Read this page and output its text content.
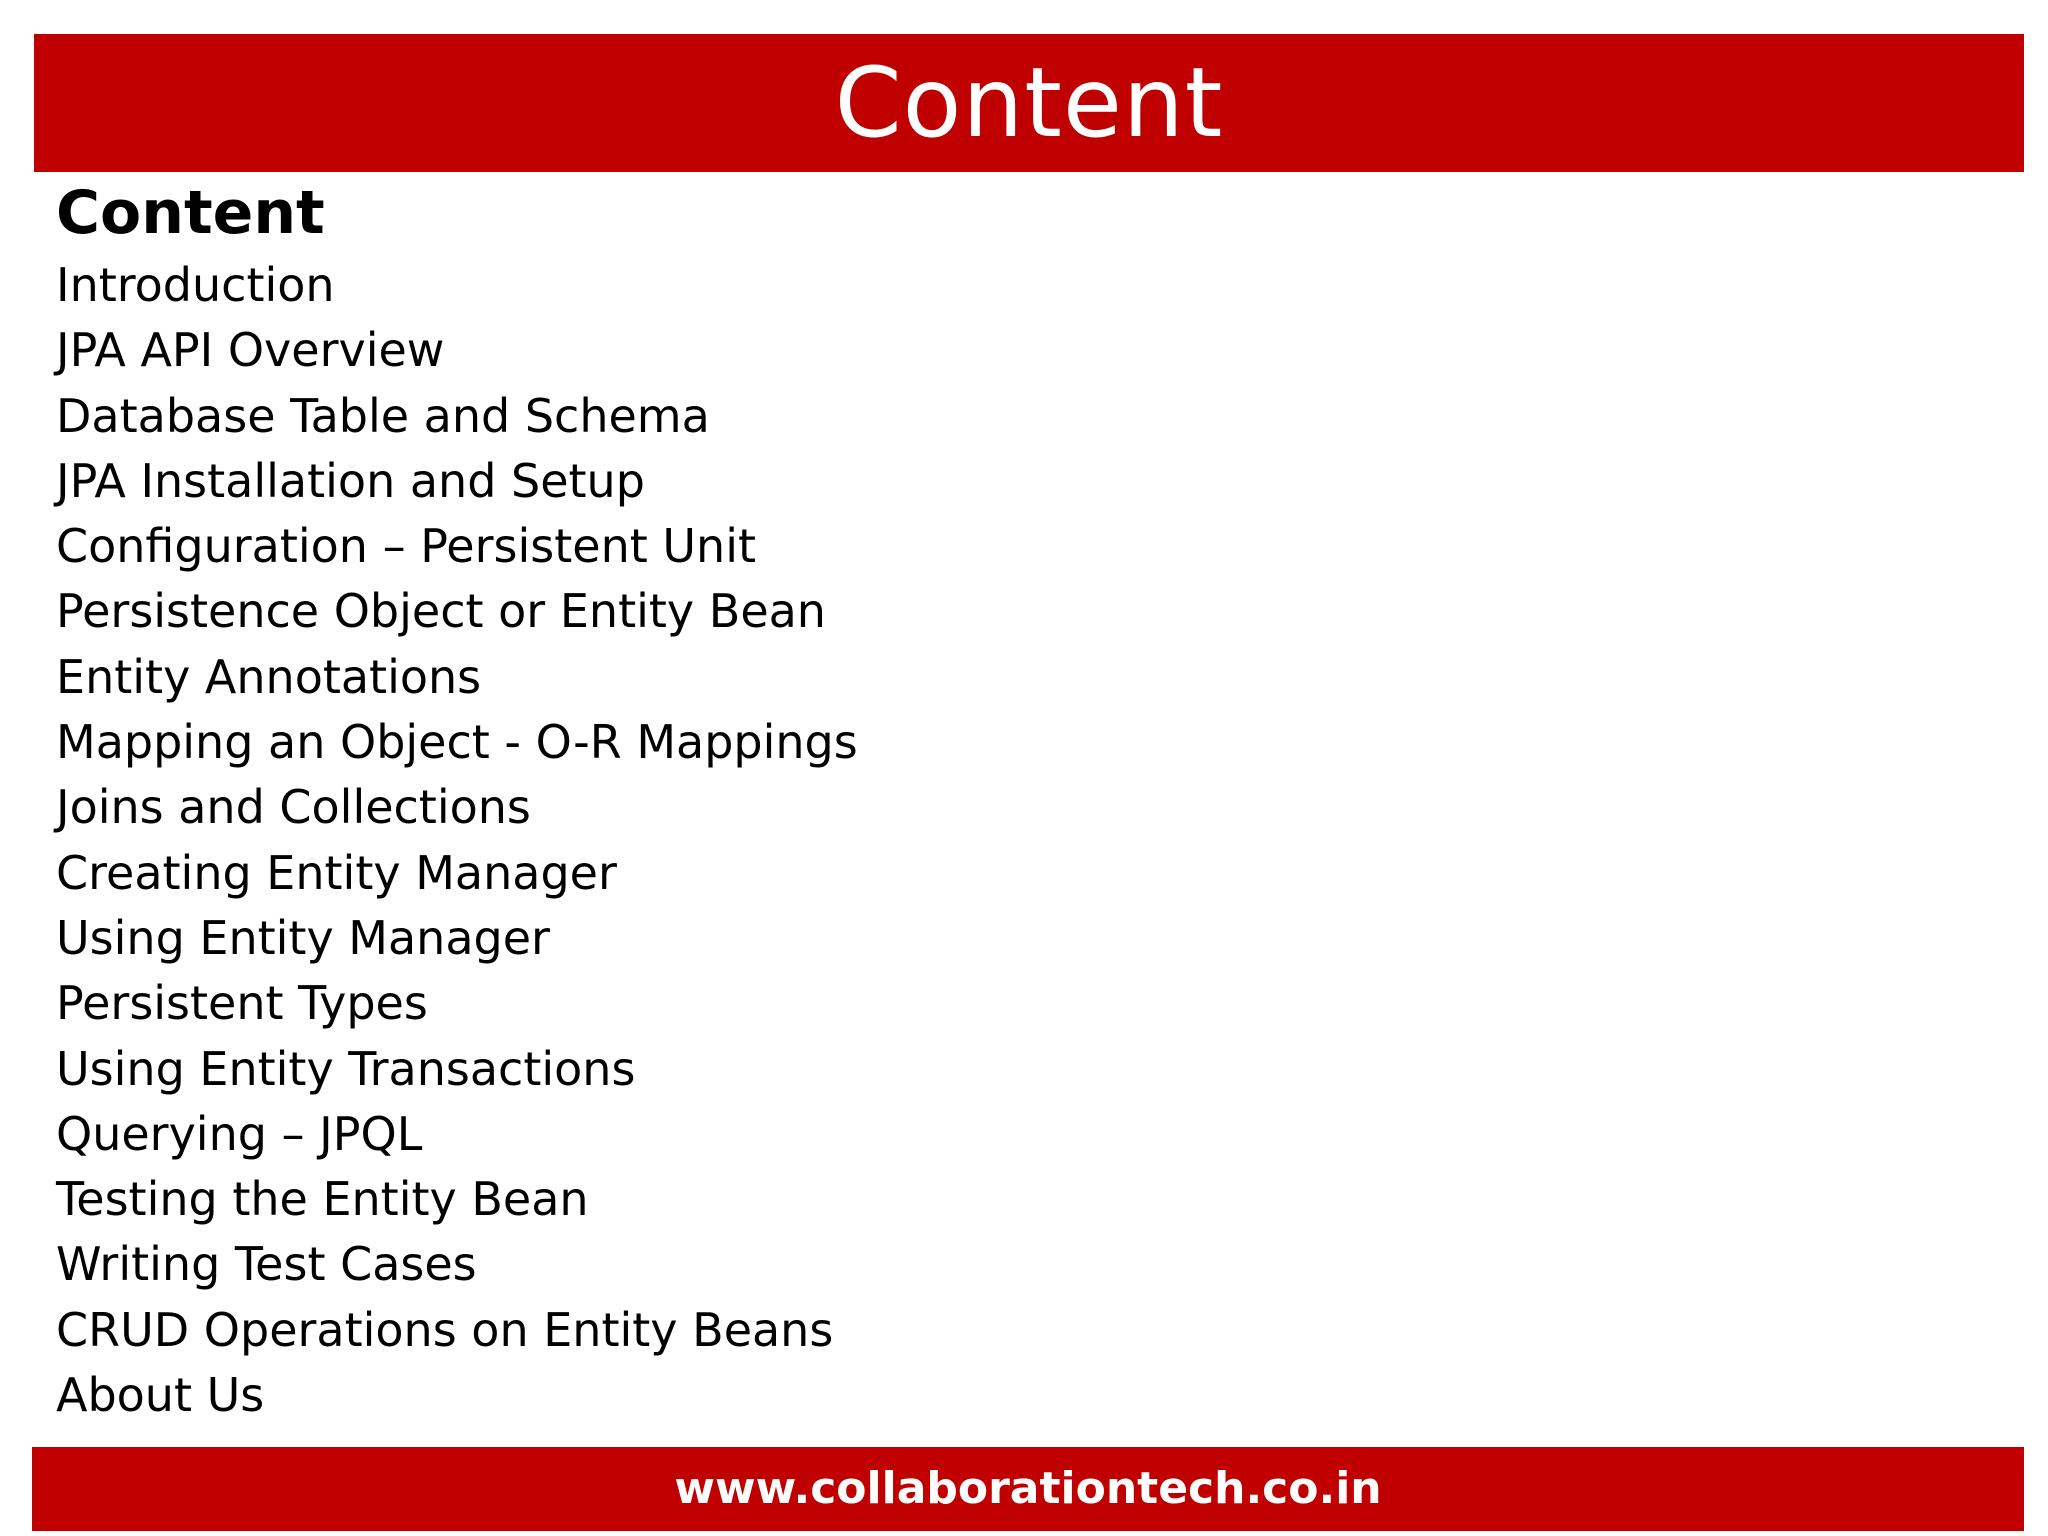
Content
Content
Introduction
JPA API Overview
Database Table and Schema
JPA Installation and Setup
Configuration – Persistent Unit
Persistence Object or Entity Bean
Entity Annotations
Mapping an Object - O-R Mappings
Joins and Collections
Creating Entity Manager
Using Entity Manager
Persistent Types
Using Entity Transactions
Querying – JPQL
Testing the Entity Bean
Writing Test Cases
CRUD Operations on Entity Beans
About Us
www.collaborationtech.co.in
